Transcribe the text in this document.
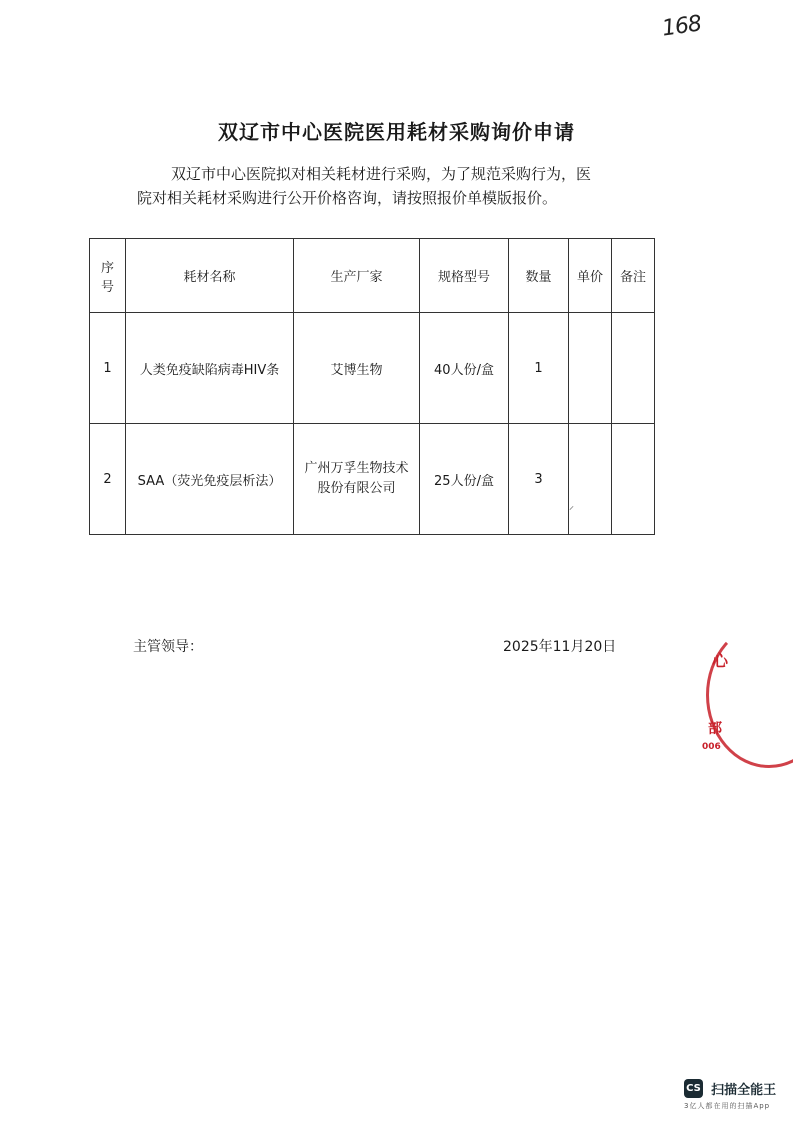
168
双辽市中心医院医用耗材采购询价申请
双辽市中心医院拟对相关耗材进行采购，为了规范采购行为，医
院对相关耗材采购进行公开价格咨询，请按照报价单模版报价。
序
号	耗材名称	生产厂家	规格型号	数量	单价	备注
1	人类免疫缺陷病毒HIV条	艾博生物	40人份/盒	1		
2	SAA（荧光免疫层析法）	广州万孚生物技术股份有限公司	25人份/盒	3		
⸝
主管领导：	2025年11月20日
心
部
006
CS 扫描全能王
3亿人都在用的扫描App
